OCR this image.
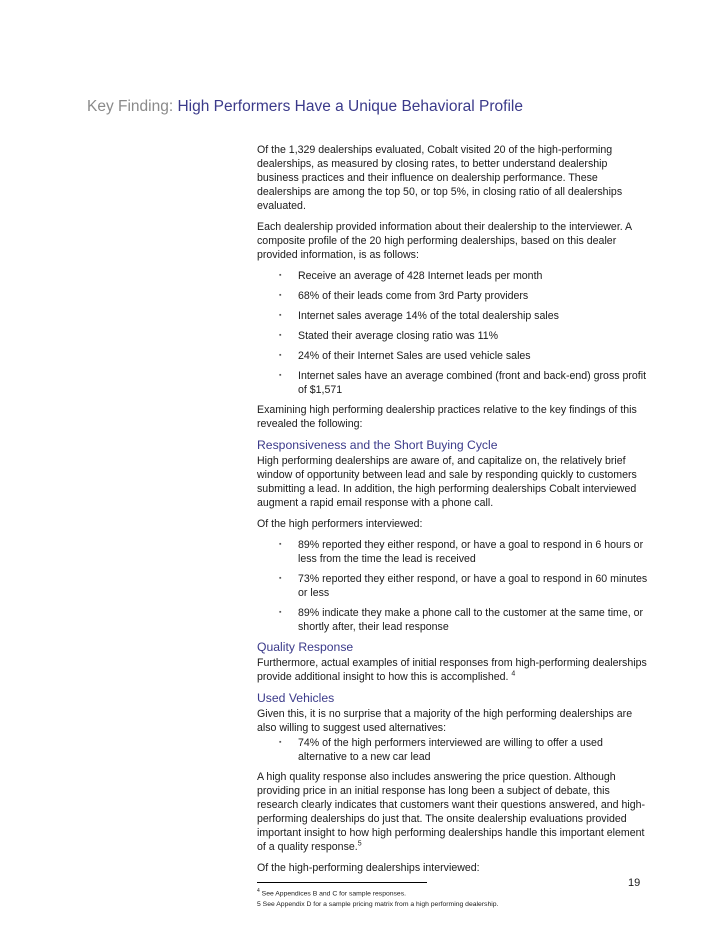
Key Finding: High Performers Have a Unique Behavioral Profile

Of the 1,329 dealerships evaluated, Cobalt visited 20 of the high-performing dealerships, as measured by closing rates, to better understand dealership business practices and their influence on dealership performance. These dealerships are among the top 50, or top 5%, in closing ratio of all dealerships evaluated.

Each dealership provided information about their dealership to the interviewer. A composite profile of the 20 high performing dealerships, based on this dealer provided information, is as follows:

▪ Receive an average of 428 Internet leads per month
▪ 68% of their leads come from 3rd Party providers
▪ Internet sales average 14% of the total dealership sales
▪ Stated their average closing ratio was 11%
▪ 24% of their Internet Sales are used vehicle sales
▪ Internet sales have an average combined (front and back-end) gross profit of $1,571

Examining high performing dealership practices relative to the key findings of this revealed the following:

Responsiveness and the Short Buying Cycle

High performing dealerships are aware of, and capitalize on, the relatively brief window of opportunity between lead and sale by responding quickly to customers submitting a lead. In addition, the high performing dealerships Cobalt interviewed augment a rapid email response with a phone call.

Of the high performers interviewed:

▪ 89% reported they either respond, or have a goal to respond in 6 hours or less from the time the lead is received
▪ 73% reported they either respond, or have a goal to respond in 60 minutes or less
▪ 89% indicate they make a phone call to the customer at the same time, or shortly after, their lead response
Quality Response

Furthermore, actual examples of initial responses from high-performing dealerships provide additional insight to how this is accomplished. $^4$

Used Vehicles

Given this, it is no surprise that a majority of the high performing dealerships are also willing to suggest used alternatives:

▪ 74% of the high performers interviewed are willing to offer a used alternative to a new car lead

A high quality response also includes answering the price question. Although providing price in an initial response has long been a subject of debate, this research clearly indicates that customers want their questions answered, and high-performing dealerships do just that. The onsite dealership evaluations provided important insight to how high performing dealerships handle this important element of a quality response.$^5$

Of the high-performing dealerships interviewed:

$^4$ See Appendices B and C for sample responses.
5 See Appendix D for a sample pricing matrix from a high performing dealership.
19
